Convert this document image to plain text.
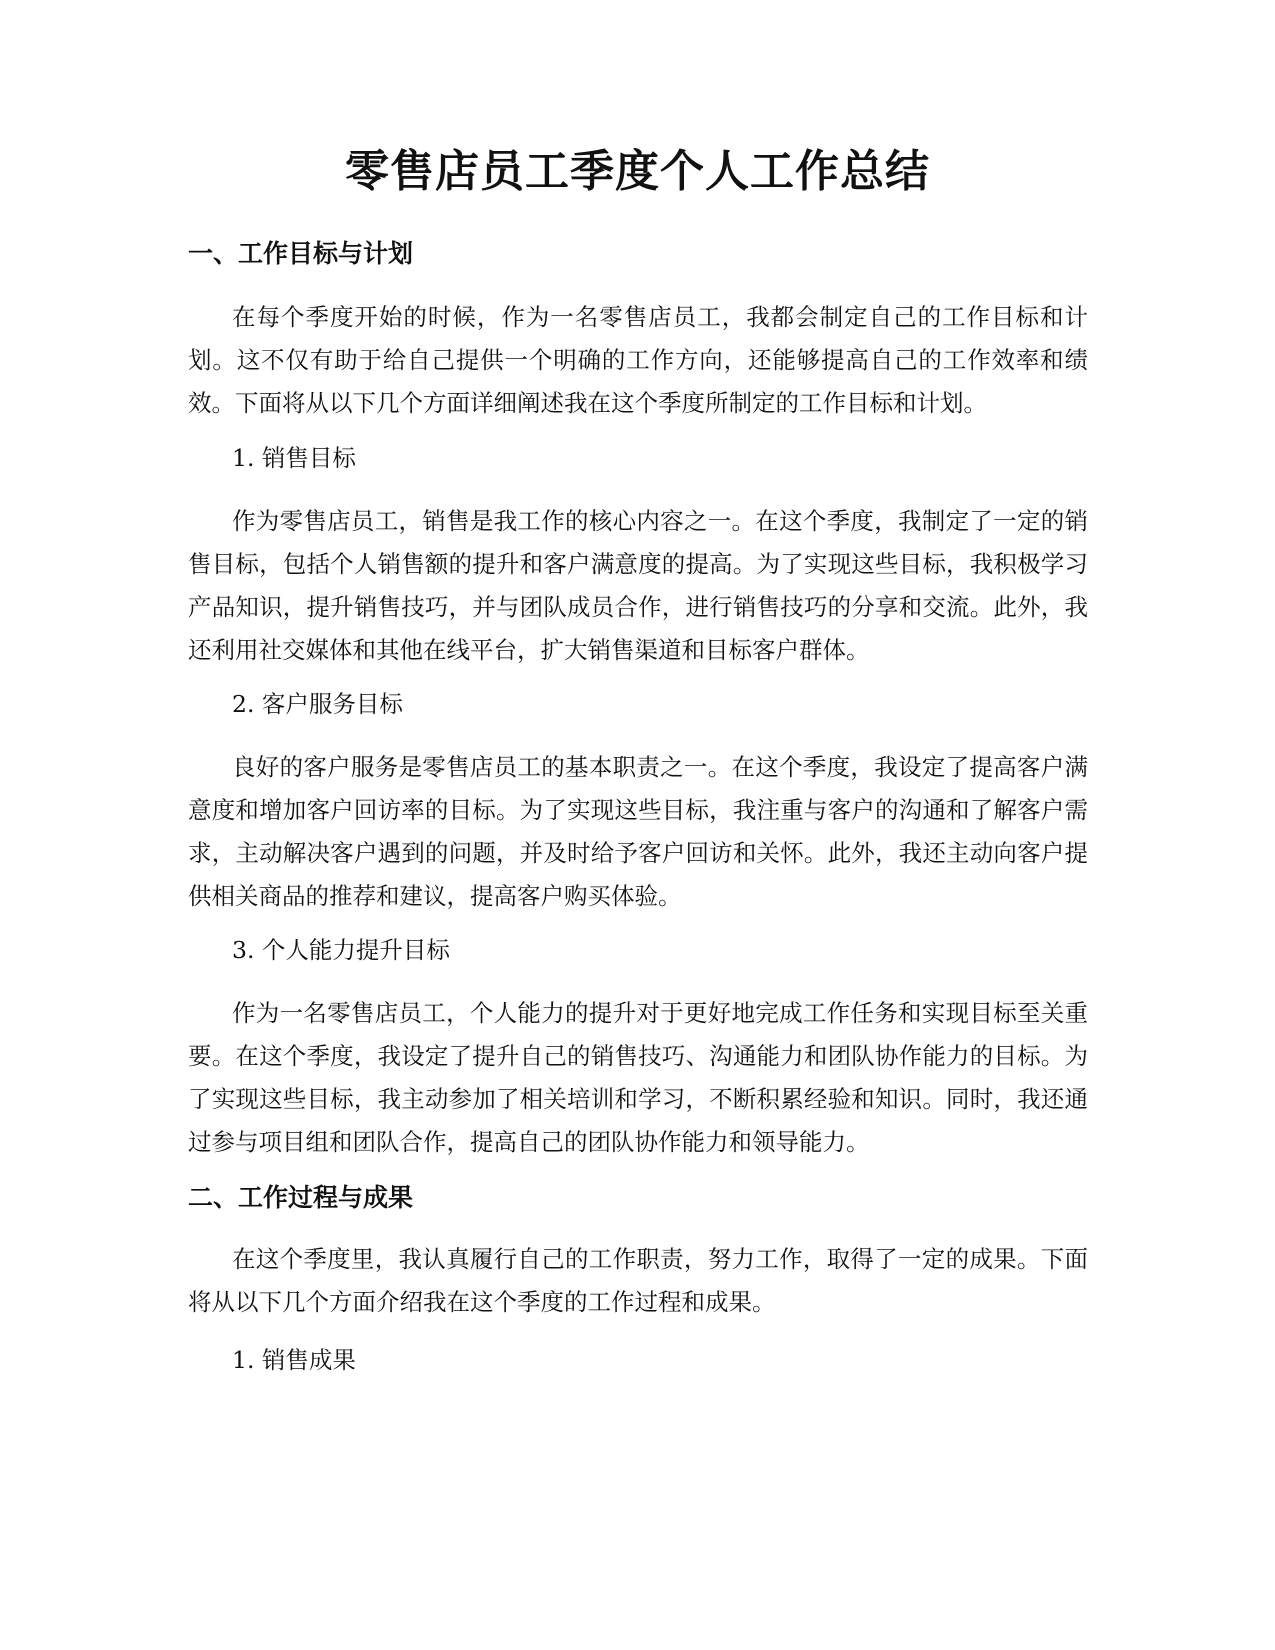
零售店员工季度个人工作总结
一、工作目标与计划

在每个季度开始的时候，作为一名零售店员工，我都会制定自己的工作目标和计划。这不仅有助于给自己提供一个明确的工作方向，还能够提高自己的工作效率和绩效。下面将从以下几个方面详细阐述我在这个季度所制定的工作目标和计划。

1. 销售目标

作为零售店员工，销售是我工作的核心内容之一。在这个季度，我制定了一定的销售目标，包括个人销售额的提升和客户满意度的提高。为了实现这些目标，我积极学习产品知识，提升销售技巧，并与团队成员合作，进行销售技巧的分享和交流。此外，我还利用社交媒体和其他在线平台，扩大销售渠道和目标客户群体。

2. 客户服务目标

良好的客户服务是零售店员工的基本职责之一。在这个季度，我设定了提高客户满意度和增加客户回访率的目标。为了实现这些目标，我注重与客户的沟通和了解客户需求，主动解决客户遇到的问题，并及时给予客户回访和关怀。此外，我还主动向客户提供相关商品的推荐和建议，提高客户购买体验。

3. 个人能力提升目标

作为一名零售店员工，个人能力的提升对于更好地完成工作任务和实现目标至关重要。在这个季度，我设定了提升自己的销售技巧、沟通能力和团队协作能力的目标。为了实现这些目标，我主动参加了相关培训和学习，不断积累经验和知识。同时，我还通过参与项目组和团队合作，提高自己的团队协作能力和领导能力。

二、工作过程与成果

在这个季度里，我认真履行自己的工作职责，努力工作，取得了一定的成果。下面将从以下几个方面介绍我在这个季度的工作过程和成果。

1. 销售成果
